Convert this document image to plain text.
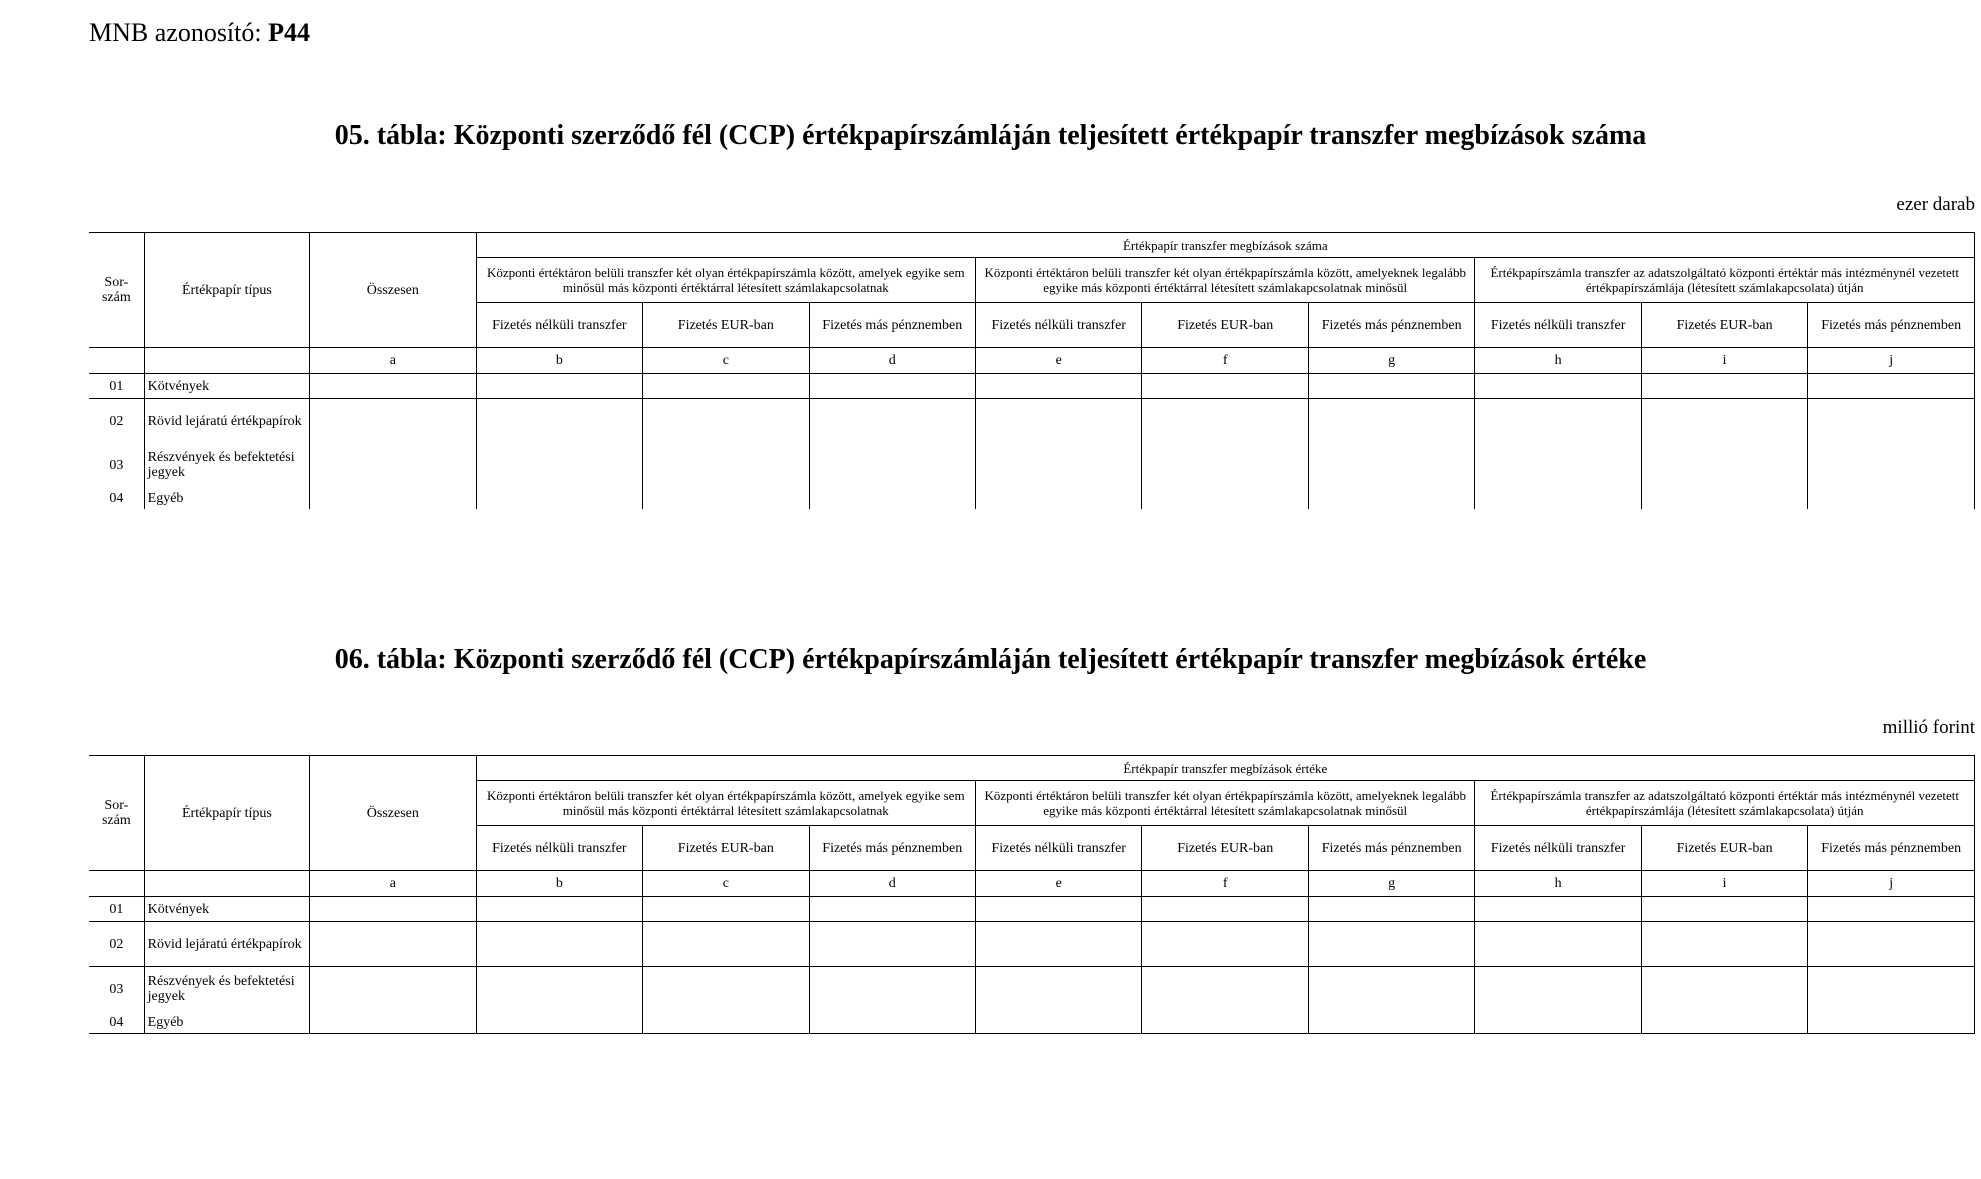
MNB azonosító: P44
05. tábla: Központi szerződő fél (CCP) értékpapírszámláján teljesített értékpapír transzfer megbízások száma
ezer darab
Sor-szám	Értékpapír típus	Összesen	Értékpapír transzfer megbízások száma								
			Központi értéktáron belüli transzfer két olyan értékpapírszámla között, amelyek egyike sem minősül más központi értéktárral létesített számlakapcsolatnak			Központi értéktáron belüli transzfer két olyan értékpapírszámla között, amelyeknek legalább egyike más központi értéktárral létesített számlakapcsolatnak minősül			Értékpapírszámla transzfer az adatszolgáltató központi értéktár más intézménynél vezetett értékpapírszámlája (létesített számlakapcsolata) útján		
			Fizetés nélküli transzfer	Fizetés EUR-ban	Fizetés más pénznemben	Fizetés nélküli transzfer	Fizetés EUR-ban	Fizetés más pénznemben	Fizetés nélküli transzfer	Fizetés EUR-ban	Fizetés más pénznemben
		a	b	c	d	e	f	g	h	i	j
01	Kötvények										
02	Rövid lejáratú értékpapírok										
03	Részvények és befektetési jegyek										
04	Egyéb										
06. tábla: Központi szerződő fél (CCP) értékpapírszámláján teljesített értékpapír transzfer megbízások értéke
millió forint
Sor-szám	Értékpapír típus	Összesen	Értékpapír transzfer megbízások értéke								
			Központi értéktáron belüli transzfer két olyan értékpapírszámla között, amelyek egyike sem minősül más központi értéktárral létesített számlakapcsolatnak			Központi értéktáron belüli transzfer két olyan értékpapírszámla között, amelyeknek legalább egyike más központi értéktárral létesített számlakapcsolatnak minősül			Értékpapírszámla transzfer az adatszolgáltató központi értéktár más intézménynél vezetett értékpapírszámlája (létesített számlakapcsolata) útján		
			Fizetés nélküli transzfer	Fizetés EUR-ban	Fizetés más pénznemben	Fizetés nélküli transzfer	Fizetés EUR-ban	Fizetés más pénznemben	Fizetés nélküli transzfer	Fizetés EUR-ban	Fizetés más pénznemben
		a	b	c	d	e	f	g	h	i	j
01	Kötvények										
02	Rövid lejáratú értékpapírok										
03	Részvények és befektetési jegyek										
04	Egyéb										
